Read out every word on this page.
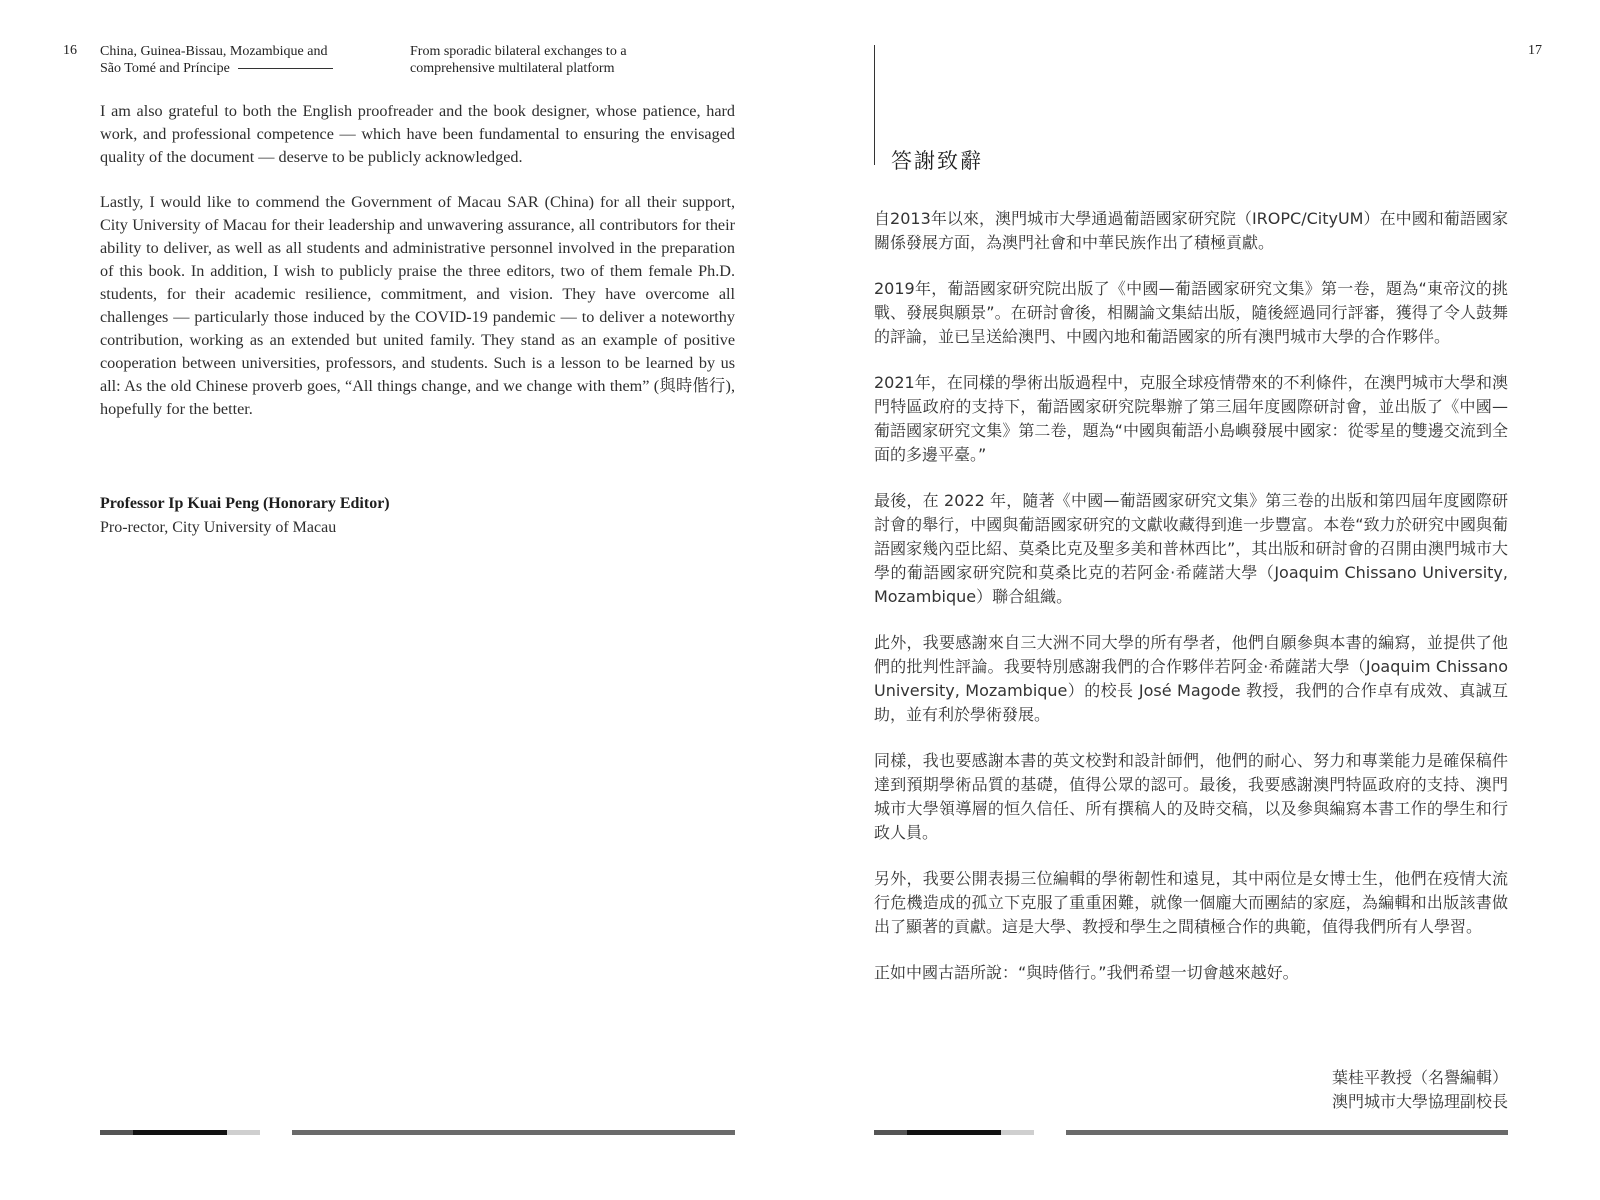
16 China, Guinea-Bissau, Mozambique and
São Tomé and Príncipe
From sporadic bilateral exchanges to a
comprehensive multilateral platform

I am also grateful to both the English proofreader and the book designer, whose patience, hard work, and professional competence — which have been fundamental to ensuring the envisaged quality of the document — deserve to be publicly acknowledged.

Lastly, I would like to commend the Government of Macau SAR (China) for all their support, City University of Macau for their leadership and unwavering assurance, all contributors for their ability to deliver, as well as all students and administrative personnel involved in the preparation of this book. In addition, I wish to publicly praise the three editors, two of them female Ph.D. students, for their academic resilience, commitment, and vision. They have overcome all challenges — particularly those induced by the COVID-19 pandemic — to deliver a noteworthy contribution, working as an extended but united family. They stand as an example of positive cooperation between universities, professors, and students. Such is a lesson to be learned by us all: As the old Chinese proverb goes, “All things change, and we change with them” (與時偕行), hopefully for the better.

Professor Ip Kuai Peng (Honorary Editor)
Pro-rector, City University of Macau
17
答謝致辭

自2013年以來，澳門城市大學通過葡語國家研究院（IROPC/CityUM）在中國和葡語國家關係發展方面，為澳門社會和中華民族作出了積極貢獻。

2019年，葡語國家研究院出版了《中國—葡語國家研究文集》第一卷，題為“東帝汶的挑戰、發展與願景”。在研討會後，相關論文集結出版，隨後經過同行評審，獲得了令人鼓舞的評論，並已呈送給澳門、中國內地和葡語國家的所有澳門城市大學的合作夥伴。

2021年，在同樣的學術出版過程中，克服全球疫情帶來的不利條件，在澳門城市大學和澳門特區政府的支持下，葡語國家研究院舉辦了第三屆年度國際研討會，並出版了《中國—葡語國家研究文集》第二卷，題為“中國與葡語小島嶼發展中國家：從零星的雙邊交流到全面的多邊平臺。”

最後，在 2022 年，隨著《中國—葡語國家研究文集》第三卷的出版和第四屆年度國際研討會的舉行，中國與葡語國家研究的文獻收藏得到進一步豐富。本卷“致力於研究中國與葡語國家幾內亞比紹、莫桑比克及聖多美和普林西比”，其出版和研討會的召開由澳門城市大學的葡語國家研究院和莫桑比克的若阿金·希薩諾大學（Joaquim Chissano University, Mozambique）聯合組織。

此外，我要感謝來自三大洲不同大學的所有學者，他們自願參與本書的編寫，並提供了他們的批判性評論。我要特別感謝我們的合作夥伴若阿金·希薩諾大學（Joaquim Chissano University, Mozambique）的校長 José Magode 教授，我們的合作卓有成效、真誠互助，並有利於學術發展。

同樣，我也要感謝本書的英文校對和設計師們，他們的耐心、努力和專業能力是確保稿件達到預期學術品質的基礎，值得公眾的認可。最後，我要感謝澳門特區政府的支持、澳門城市大學領導層的恒久信任、所有撰稿人的及時交稿，以及參與編寫本書工作的學生和行政人員。

另外，我要公開表揚三位編輯的學術韌性和遠見，其中兩位是女博士生，他們在疫情大流行危機造成的孤立下克服了重重困難，就像一個龐大而團結的家庭，為編輯和出版該書做出了顯著的貢獻。這是大學、教授和學生之間積極合作的典範，值得我們所有人學習。

正如中國古語所說：“與時偕行。”我們希望一切會越來越好。

葉桂平教授（名譽編輯）
澳門城市大學協理副校長
